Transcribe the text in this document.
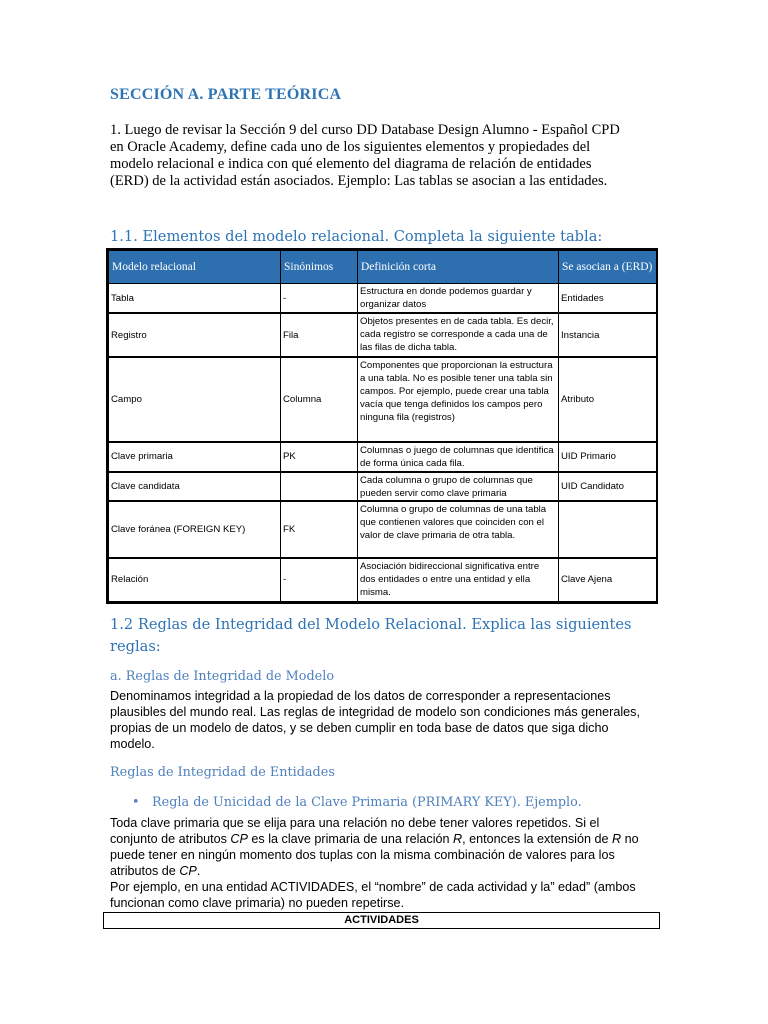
SECCIÓN A. PARTE TEÓRICA
1. Luego de revisar la Sección 9 del curso DD Database Design Alumno - Español CPD
en Oracle Academy, define cada uno de los siguientes elementos y propiedades del
modelo relacional e indica con qué elemento del diagrama de relación de entidades
(ERD) de la actividad están asociados. Ejemplo: Las tablas se asocian a las entidades.
1.1. Elementos del modelo relacional. Completa la siguiente tabla:
Modelo relacional	Sinónimos	Definición corta	Se asocian a (ERD)
Tabla	-	Estructura en donde podemos guardar y organizar datos	Entidades
Registro	Fila	Objetos presentes en de cada tabla. Es decir, cada registro se corresponde a cada una de las filas de dicha tabla.	Instancia
Campo	Columna	Componentes que proporcionan la estructura a una tabla. No es posible tener una tabla sin campos. Por ejemplo, puede crear una tabla vacía que tenga definidos los campos pero ninguna fila (registros)	Atributo
Clave primaria	PK	Columnas o juego de columnas que identifica de forma única cada fila.	UID Primario
Clave candidata		Cada columna o grupo de columnas que pueden servir como clave primaria	UID Candidato
Clave foránea (FOREIGN KEY)	FK	Columna o grupo de columnas de una tabla que contienen valores que coinciden con el valor de clave primaria de otra tabla.	
Relación	-	Asociación bidireccional significativa entre dos entidades o entre una entidad y ella misma.	Clave Ajena
1.2 Reglas de Integridad del Modelo Relacional. Explica las siguientes
reglas:
a. Reglas de Integridad de Modelo
Denominamos integridad a la propiedad de los datos de corresponder a representaciones
plausibles del mundo real. Las reglas de integridad de modelo son condiciones más generales,
propias de un modelo de datos, y se deben cumplir en toda base de datos que siga dicho
modelo.
Reglas de Integridad de Entidades
• Regla de Unicidad de la Clave Primaria (PRIMARY KEY). Ejemplo.
Toda clave primaria que se elija para una relación no debe tener valores repetidos. Si el
conjunto de atributos CP es la clave primaria de una relación R, entonces la extensión de R no
puede tener en ningún momento dos tuplas con la misma combinación de valores para los
atributos de CP.
Por ejemplo, en una entidad ACTIVIDADES, el “nombre” de cada actividad y la” edad” (ambos
funcionan como clave primaria) no pueden repetirse.
ACTIVIDADES
